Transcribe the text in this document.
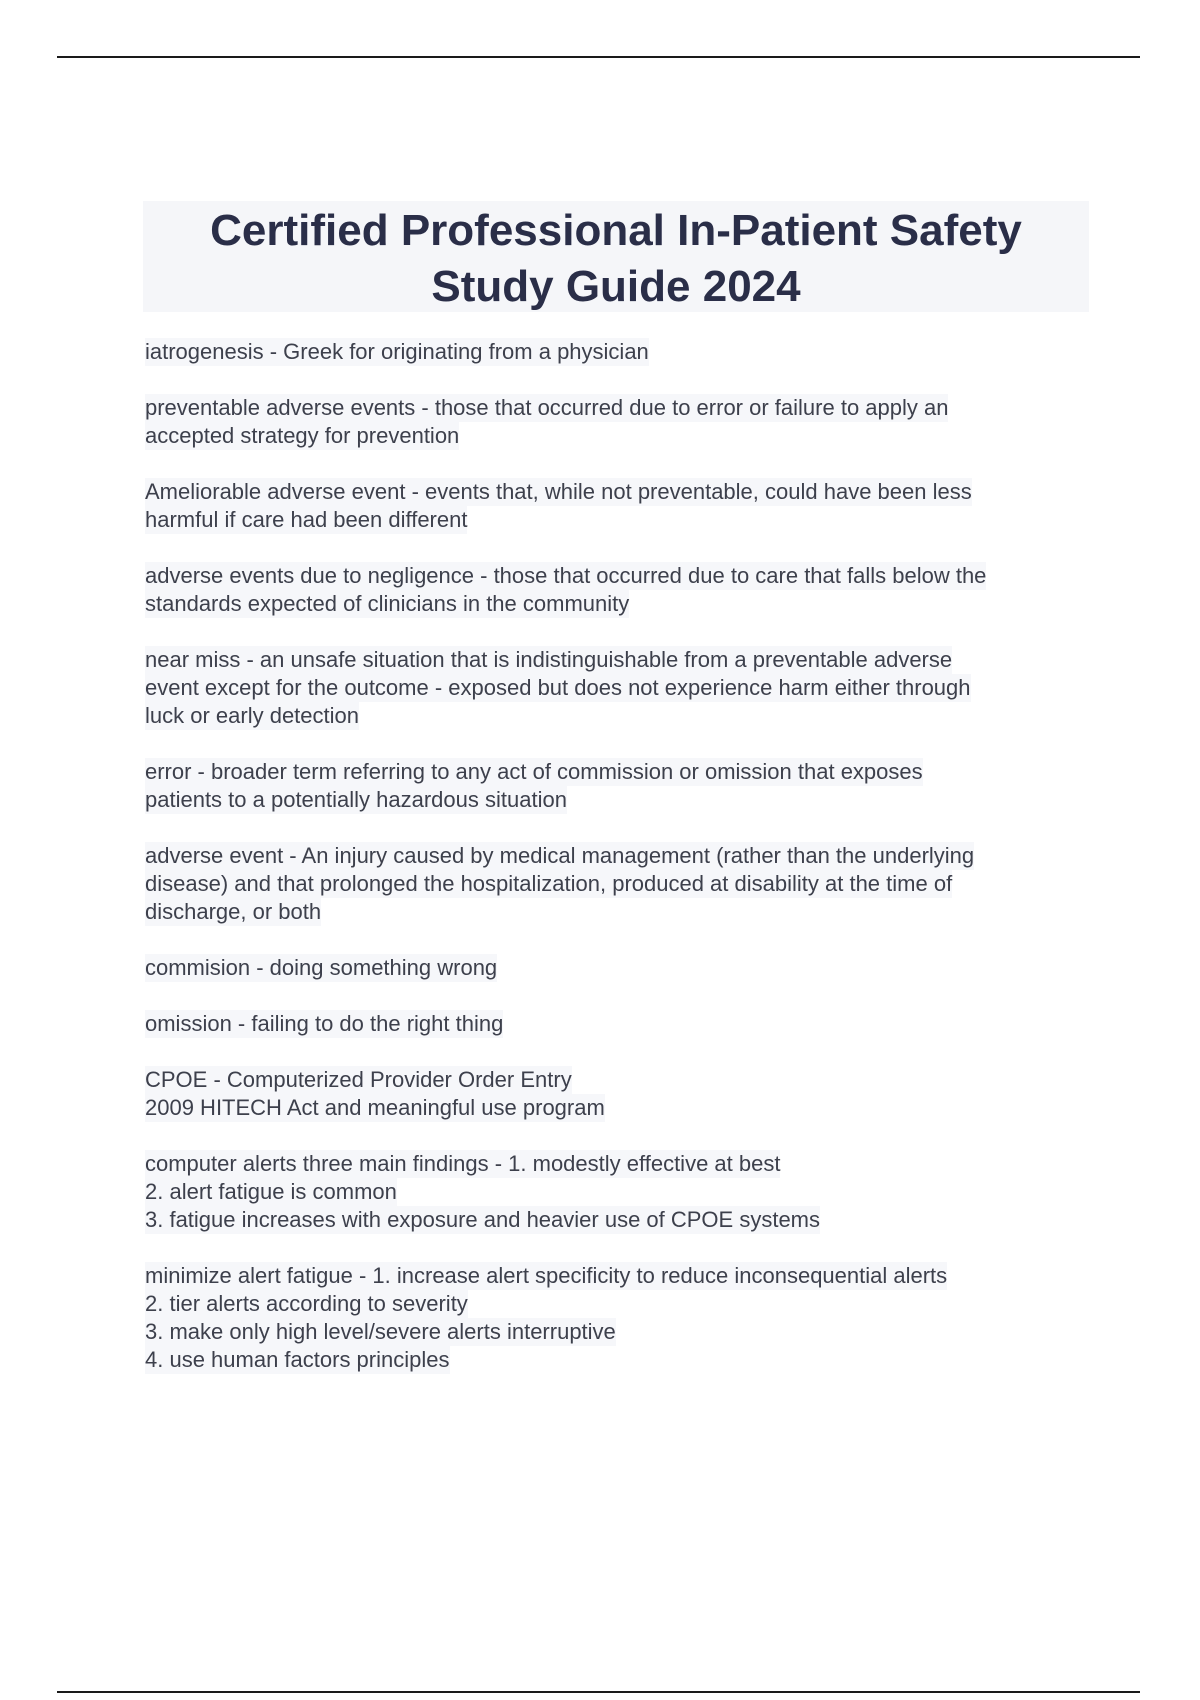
Certified Professional In-Patient Safety
Study Guide 2024
iatrogenesis - Greek for originating from a physician
preventable adverse events - those that occurred due to error or failure to apply an
accepted strategy for prevention
Ameliorable adverse event - events that, while not preventable, could have been less
harmful if care had been different
adverse events due to negligence - those that occurred due to care that falls below the
standards expected of clinicians in the community
near miss - an unsafe situation that is indistinguishable from a preventable adverse
event except for the outcome - exposed but does not experience harm either through
luck or early detection
error - broader term referring to any act of commission or omission that exposes
patients to a potentially hazardous situation
adverse event - An injury caused by medical management (rather than the underlying
disease) and that prolonged the hospitalization, produced at disability at the time of
discharge, or both
commision - doing something wrong
omission - failing to do the right thing
CPOE - Computerized Provider Order Entry
2009 HITECH Act and meaningful use program
computer alerts three main findings - 1. modestly effective at best
2. alert fatigue is common
3. fatigue increases with exposure and heavier use of CPOE systems
minimize alert fatigue - 1. increase alert specificity to reduce inconsequential alerts
2. tier alerts according to severity
3. make only high level/severe alerts interruptive
4. use human factors principles
